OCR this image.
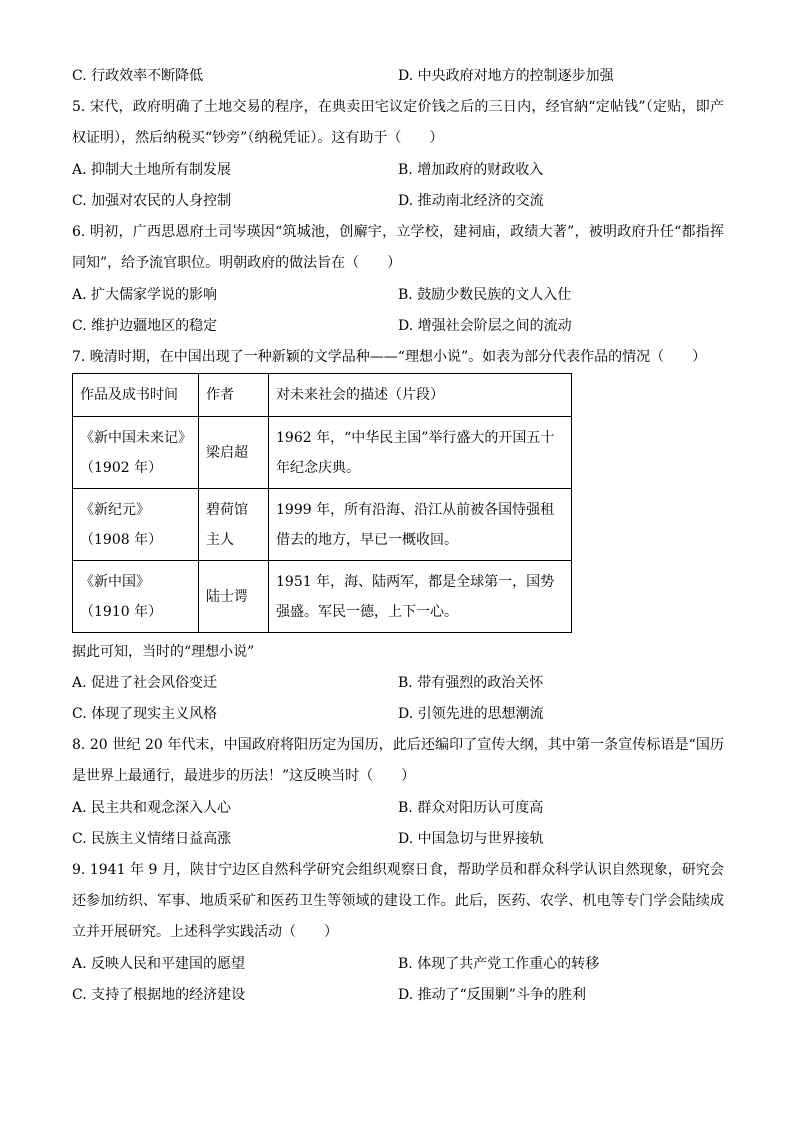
C. 行政效率不断降低	D. 中央政府对地方的控制逐步加强
5. 宋代，政府明确了土地交易的程序，在典卖田宅议定价钱之后的三日内，经官納“定帖钱”（定贴，即产权证明），然后纳税买“钞旁”（纳税凭证）。这有助于（　　）
A. 抑制大土地所有制发展	B. 增加政府的财政收入
C. 加强对农民的人身控制	D. 推动南北经济的交流
6. 明初，广西思恩府土司岑瑛因“筑城池，创廨宇，立学校，建祠庙，政绩大著”，被明政府升任“都指挥同知”，给予流官职位。明朝政府的做法旨在（　　）
A. 扩大儒家学说的影响	B. 鼓励少数民族的文人入仕
C. 维护边疆地区的稳定	D. 增强社会阶层之间的流动
7. 晚清时期，在中国出现了一种新颖的文学品种——“理想小说”。如表为部分代表作品的情况（　　）
作品及成书时间	作者	对未来社会的描述（片段）

《新中国未来记》
（1902 年）	梁启超	1962 年，“中华民主国”举行盛大的开国五十年纪念庆典。

《新纪元》
（1908 年）	碧荷馆主人	1999 年，所有沿海、沿江从前被各国恃强租借去的地方，早已一概收回。

《新中国》
（1910 年）	陆士谔	1951 年，海、陆两军，都是全球第一，国势强盛。军民一德，上下一心。
据此可知，当时的“理想小说”
A. 促进了社会风俗变迁	B. 带有强烈的政治关怀
C. 体现了现实主义风格	D. 引领先进的思想潮流
8. 20 世纪 20 年代末，中国政府将阳历定为国历，此后还编印了宣传大纲，其中第一条宣传标语是“国历是世界上最通行，最进步的历法！”这反映当时（　　）
A. 民主共和观念深入人心	B. 群众对阳历认可度高
C. 民族主义情绪日益高涨	D. 中国急切与世界接轨
9. 1941 年 9 月，陕甘宁边区自然科学研究会组织观察日食，帮助学员和群众科学认识自然现象，研究会还参加纺织、军事、地质采矿和医药卫生等领域的建设工作。此后，医药、农学、机电等专门学会陆续成立并开展研究。上述科学实践活动（　　）
A. 反映人民和平建国的愿望	B. 体现了共产党工作重心的转移
C. 支持了根据地的经济建设	D. 推动了“反围剿”斗争的胜利
